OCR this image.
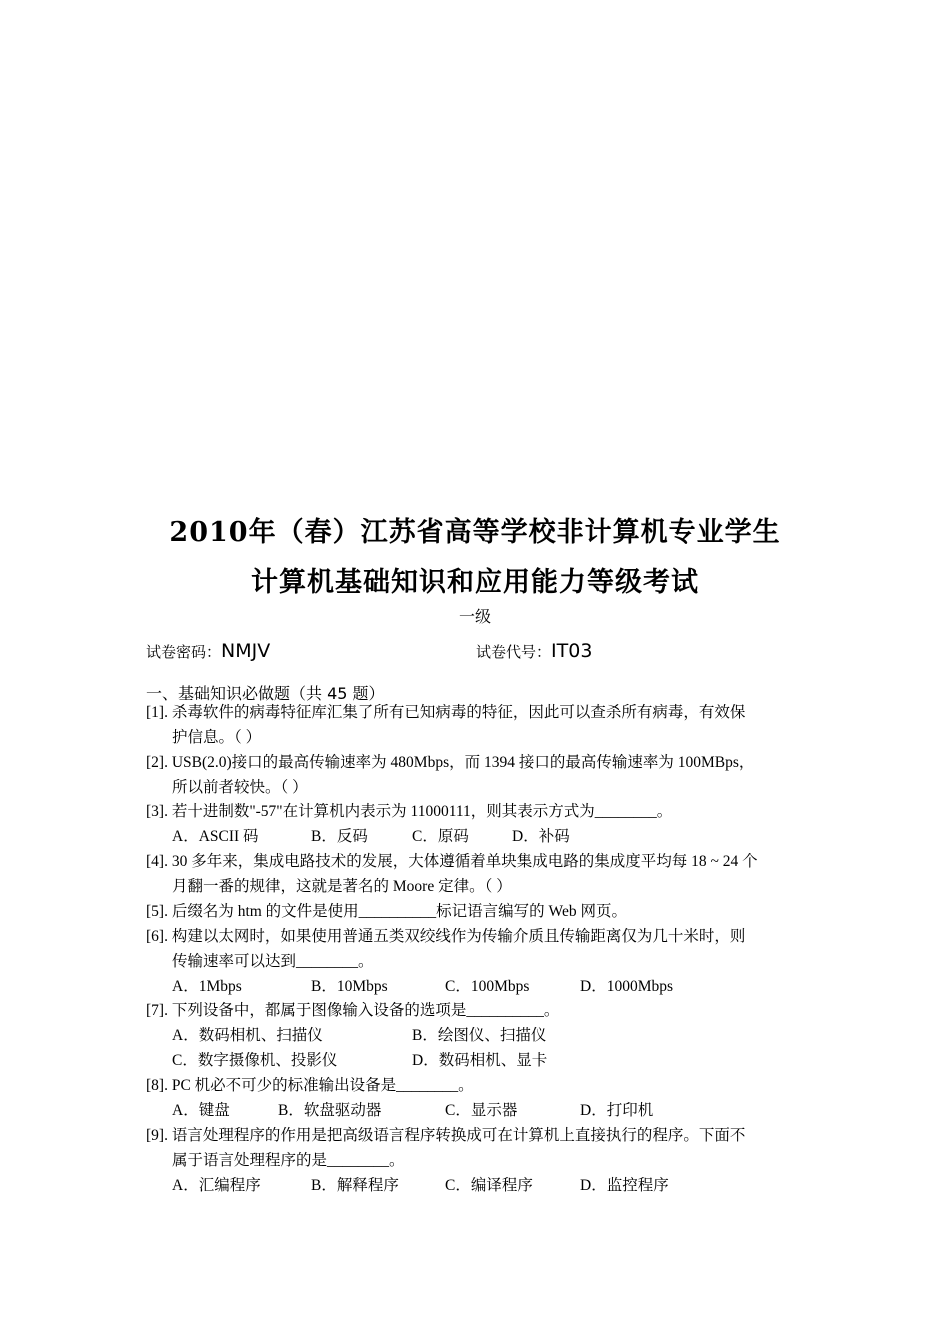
2010年（春）江苏省高等学校非计算机专业学生
计算机基础知识和应用能力等级考试
一级
试卷密码：NMJV	试卷代号：IT03
一、基础知识必做题（共 45 题）
[1]. 杀毒软件的病毒特征库汇集了所有已知病毒的特征，因此可以查杀所有病毒，有效保
护信息。（ ）
[2]. USB(2.0)接口的最高传输速率为 480Mbps，而 1394 接口的最高传输速率为 100MBps，
所以前者较快。（ ）
[3]. 若十进制数"-57"在计算机内表示为 11000111，则其表示方式为________。
A．ASCII 码	B．反码	C．原码	D．补码
[4]. 30 多年来，集成电路技术的发展，大体遵循着单块集成电路的集成度平均每 18 ~ 24 个
月翻一番的规律，这就是著名的 Moore 定律。（ ）
[5]. 后缀名为 htm 的文件是使用__________标记语言编写的 Web 网页。
[6]. 构建以太网时，如果使用普通五类双绞线作为传输介质且传输距离仅为几十米时，则
传输速率可以达到________。
A．1Mbps	B．10Mbps	C．100Mbps	D．1000Mbps
[7]. 下列设备中，都属于图像输入设备的选项是__________。
A．数码相机、扫描仪	B．绘图仪、扫描仪
C．数字摄像机、投影仪	D．数码相机、显卡
[8]. PC 机必不可少的标准输出设备是________。
A．键盘	B．软盘驱动器	C．显示器	D．打印机
[9]. 语言处理程序的作用是把高级语言程序转换成可在计算机上直接执行的程序。下面不
属于语言处理程序的是________。
A．汇编程序	B．解释程序	C．编译程序	D．监控程序
